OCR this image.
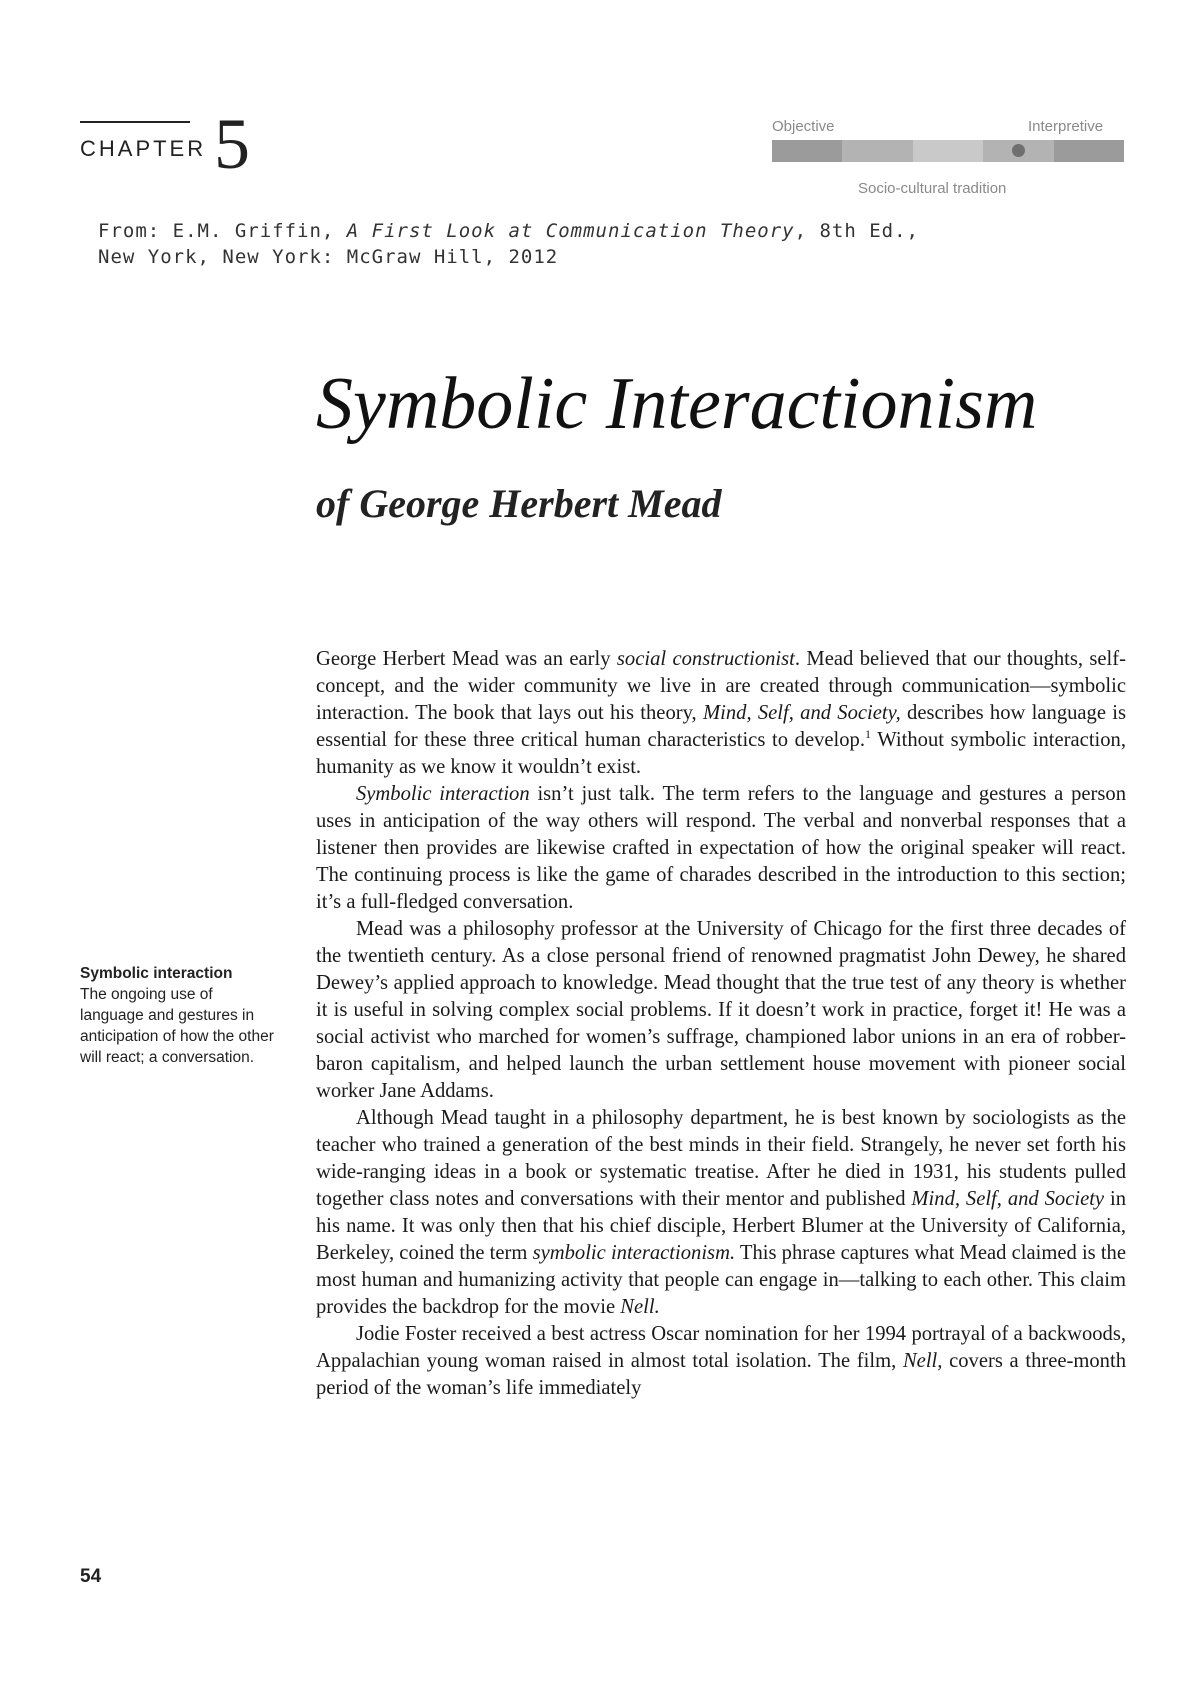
CHAPTER 5	Objective	Interpretive
Socio-cultural tradition
From: E.M. Griffin, A First Look at Communication Theory, 8th Ed.,
New York, New York: McGraw Hill, 2012
Symbolic Interactionism
of George Herbert Mead
Symbolic interaction
The ongoing use of language and gestures in anticipation of how the other will react; a conversation.

George Herbert Mead was an early social constructionist. Mead believed that our thoughts, self-concept, and the wider community we live in are created through communication—symbolic interaction. The book that lays out his theory, Mind, Self, and Society, describes how language is essential for these three critical human characteristics to develop.$^1$ Without symbolic interaction, humanity as we know it wouldn’t exist.

Symbolic interaction isn’t just talk. The term refers to the language and gestures a person uses in anticipation of the way others will respond. The verbal and nonverbal responses that a listener then provides are likewise crafted in expectation of how the original speaker will react. The continuing process is like the game of charades described in the introduction to this section; it’s a full-fledged conversation.

Mead was a philosophy professor at the University of Chicago for the first three decades of the twentieth century. As a close personal friend of renowned pragmatist John Dewey, he shared Dewey’s applied approach to knowledge. Mead thought that the true test of any theory is whether it is useful in solving complex social problems. If it doesn’t work in practice, forget it! He was a social activist who marched for women’s suffrage, championed labor unions in an era of robber-baron capitalism, and helped launch the urban settlement house movement with pioneer social worker Jane Addams.

Although Mead taught in a philosophy department, he is best known by sociologists as the teacher who trained a generation of the best minds in their field. Strangely, he never set forth his wide-ranging ideas in a book or systematic treatise. After he died in 1931, his students pulled together class notes and conversations with their mentor and published Mind, Self, and Society in his name. It was only then that his chief disciple, Herbert Blumer at the University of California, Berkeley, coined the term symbolic interactionism. This phrase captures what Mead claimed is the most human and humanizing activity that people can engage in—talking to each other. This claim provides the backdrop for the movie Nell.

Jodie Foster received a best actress Oscar nomination for her 1994 portrayal of a backwoods, Appalachian young woman raised in almost total isolation. The film, Nell, covers a three-month period of the woman’s life immediately

54
